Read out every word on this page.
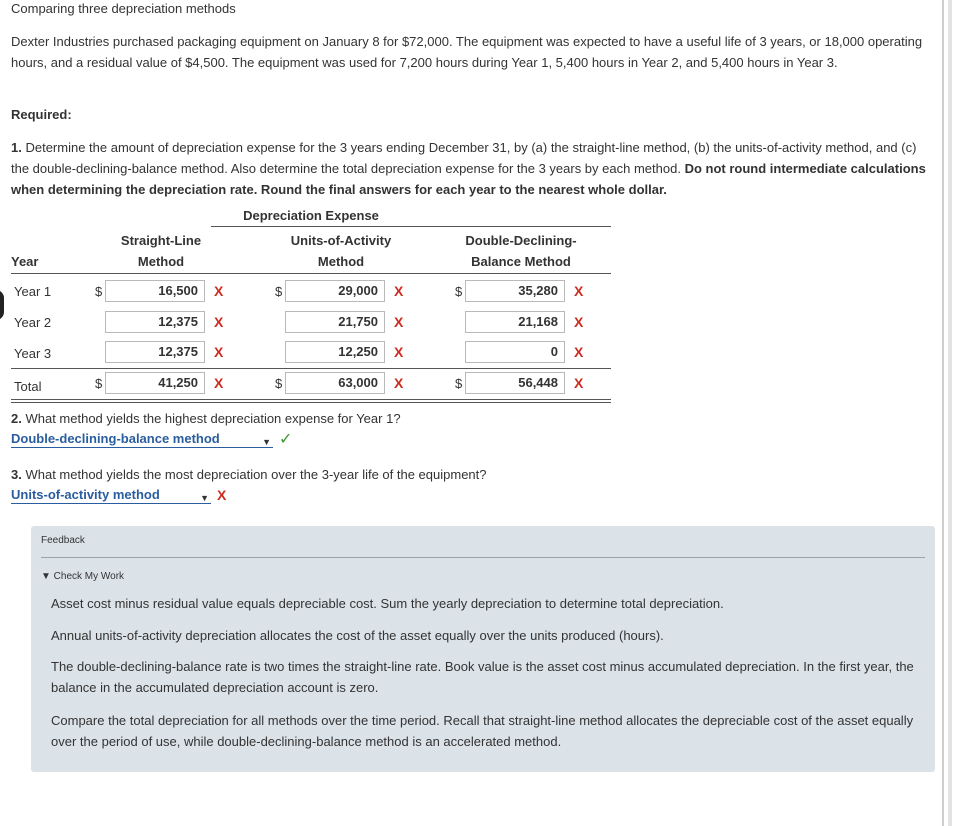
Comparing three depreciation methods
Dexter Industries purchased packaging equipment on January 8 for $72,000. The equipment was expected to have a useful life of 3 years, or 18,000 operating hours, and a residual value of $4,500. The equipment was used for 7,200 hours during Year 1, 5,400 hours in Year 2, and 5,400 hours in Year 3.
Required:
1. Determine the amount of depreciation expense for the 3 years ending December 31, by (a) the straight-line method, (b) the units-of-activity method, and (c) the double-declining-balance method. Also determine the total depreciation expense for the 3 years by each method. Do not round intermediate calculations when determining the depreciation rate. Round the final answers for each year to the nearest whole dollar.
Depreciation Expense
Year
Straight-Line
Method
Units-of-Activity
Method
Double-Declining-
Balance Method
Year 1	$	16,500	X	$	29,000	X	$	35,280	X
Year 2	12,375	X	21,750	X	21,168	X
Year 3	12,375	X	12,250	X	0	X
Total	$	41,250	X	$	63,000	X	$	56,448	X
2. What method yields the highest depreciation expense for Year 1?
Double-declining-balance method	▼ ✓
3. What method yields the most depreciation over the 3-year life of the equipment?
Units-of-activity method	▼ X
Feedback
▼ Check My Work
Asset cost minus residual value equals depreciable cost. Sum the yearly depreciation to determine total depreciation.
Annual units-of-activity depreciation allocates the cost of the asset equally over the units produced (hours).
The double-declining-balance rate is two times the straight-line rate. Book value is the asset cost minus accumulated depreciation. In the first year, the balance in the accumulated depreciation account is zero.
Compare the total depreciation for all methods over the time period. Recall that straight-line method allocates the depreciable cost of the asset equally over the period of use, while double-declining-balance method is an accelerated method.
